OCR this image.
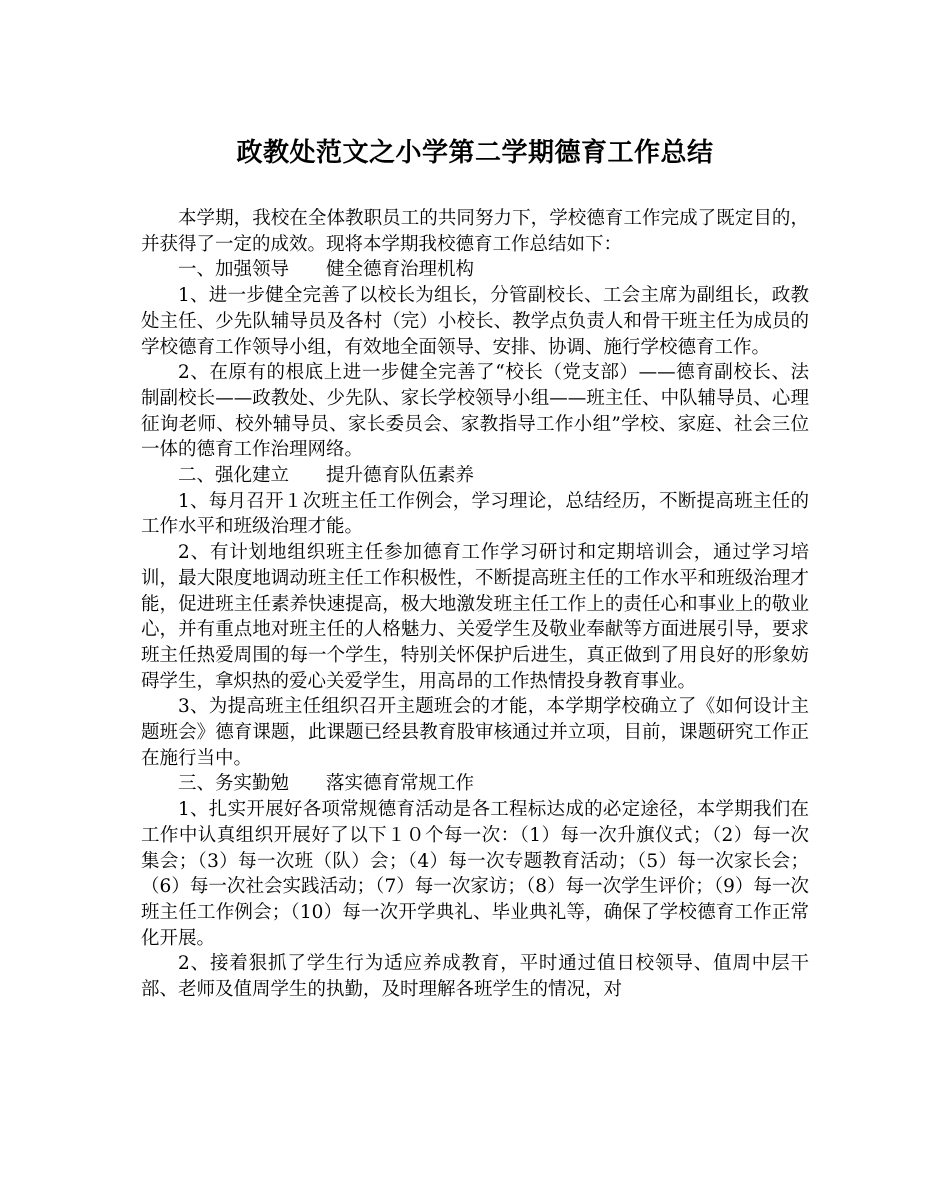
政教处范文之小学第二学期德育工作总结

本学期，我校在全体教职员工的共同努力下，学校德育工作完成了既定目的，并获得了一定的成效。现将本学期我校德育工作总结如下：

一、加强领导　　健全德育治理机构

1、进一步健全完善了以校长为组长，分管副校长、工会主席为副组长，政教处主任、少先队辅导员及各村（完）小校长、教学点负责人和骨干班主任为成员的学校德育工作领导小组，有效地全面领导、安排、协调、施行学校德育工作。

2、在原有的根底上进一步健全完善了“校长（党支部）——德育副校长、法制副校长——政教处、少先队、家长学校领导小组——班主任、中队辅导员、心理征询老师、校外辅导员、家长委员会、家教指导工作小组”学校、家庭、社会三位一体的德育工作治理网络。

二、强化建立　　提升德育队伍素养

1、每月召开１次班主任工作例会，学习理论，总结经历，不断提高班主任的工作水平和班级治理才能。

2、有计划地组织班主任参加德育工作学习研讨和定期培训会，通过学习培训，最大限度地调动班主任工作积极性，不断提高班主任的工作水平和班级治理才能，促进班主任素养快速提高，极大地激发班主任工作上的责任心和事业上的敬业心，并有重点地对班主任的人格魅力、关爱学生及敬业奉献等方面进展引导，要求班主任热爱周围的每一个学生，特别关怀保护后进生，真正做到了用良好的形象妨碍学生，拿炽热的爱心关爱学生，用高昂的工作热情投身教育事业。

3、为提高班主任组织召开主题班会的才能，本学期学校确立了《如何设计主题班会》德育课题，此课题已经县教育股审核通过并立项，目前，课题研究工作正在施行当中。

三、务实勤勉　　落实德育常规工作

1、扎实开展好各项常规德育活动是各工程标达成的必定途径，本学期我们在工作中认真组织开展好了以下１０个每一次：（1）每一次升旗仪式；（2）每一次集会；（3）每一次班（队）会；（4）每一次专题教育活动；（5）每一次家长会；（6）每一次社会实践活动；（7）每一次家访；（8）每一次学生评价；（9）每一次班主任工作例会；（10）每一次开学典礼、毕业典礼等，确保了学校德育工作正常化开展。

2、接着狠抓了学生行为适应养成教育，平时通过值日校领导、值周中层干部、老师及值周学生的执勤，及时理解各班学生的情况，对
